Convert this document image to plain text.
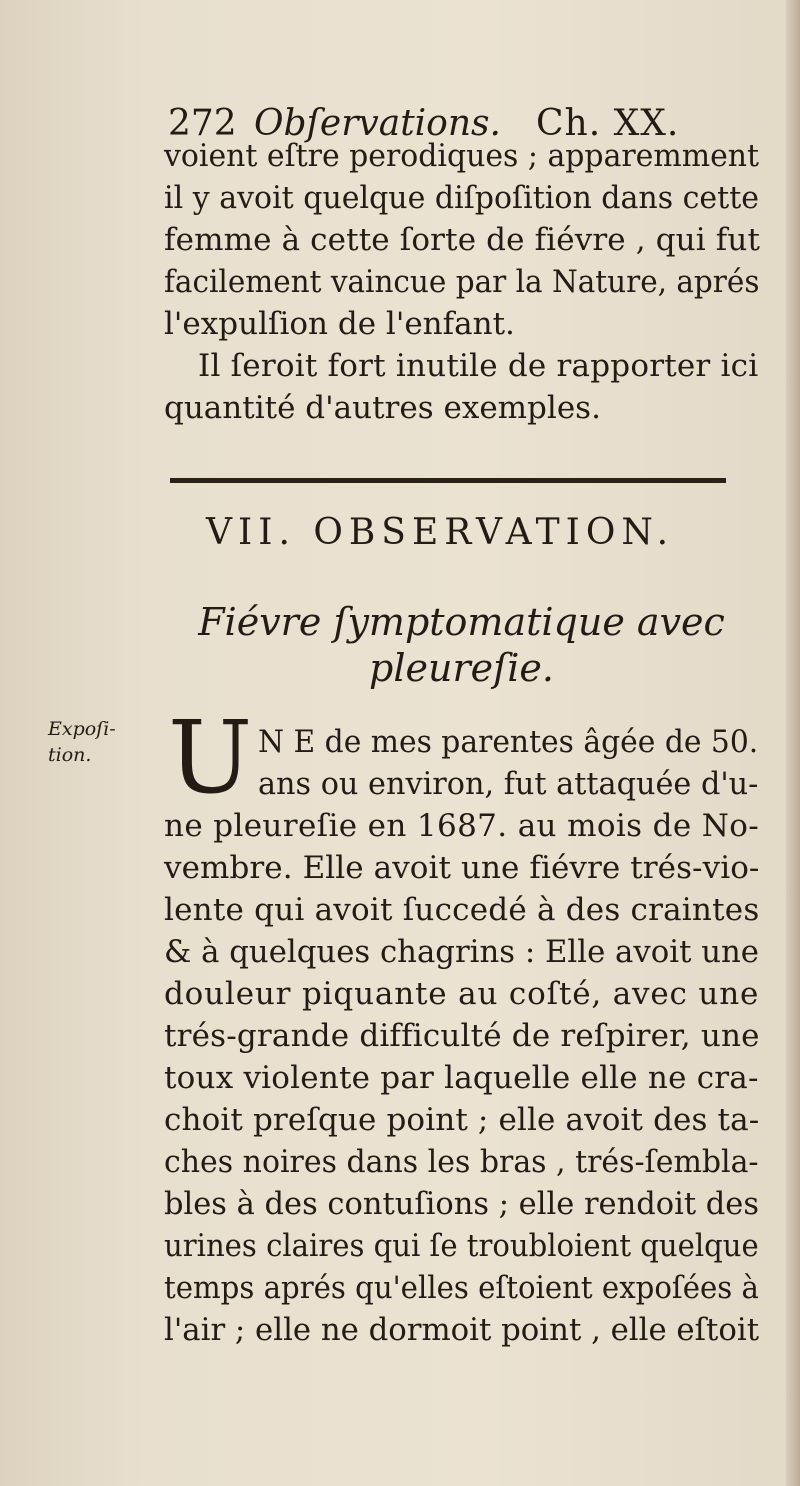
272 Obſervations. Ch. XX.
voient eſtre perodiques ; apparemment
il y avoit quelque diſpoſition dans cette
femme à cette ſorte de fiévre , qui fut
facilement vaincue par la Nature, aprés
l'expulſion de l'enfant.
Il ſeroit fort inutile de rapporter ici
quantité d'autres exemples.
VII. OBSERVATION.
Fiévre ſymptomatique avec
pleureſie.
Expoſi-
tion. U N E de mes parentes âgée de 50.
ans ou environ, fut attaquée d'u-
ne pleureſie en 1687. au mois de No-
vembre. Elle avoit une fiévre trés-vio-
lente qui avoit ſuccedé à des craintes
& à quelques chagrins : Elle avoit une
douleur piquante au coſté, avec une
trés-grande difficulté de reſpirer, une
toux violente par laquelle elle ne cra-
choit preſque point ; elle avoit des ta-
ches noires dans les bras , trés-ſembla-
bles à des contuſions ; elle rendoit des
urines claires qui ſe troubloient quelque
temps aprés qu'elles eſtoient expoſées à
l'air ; elle ne dormoit point , elle eſtoit
